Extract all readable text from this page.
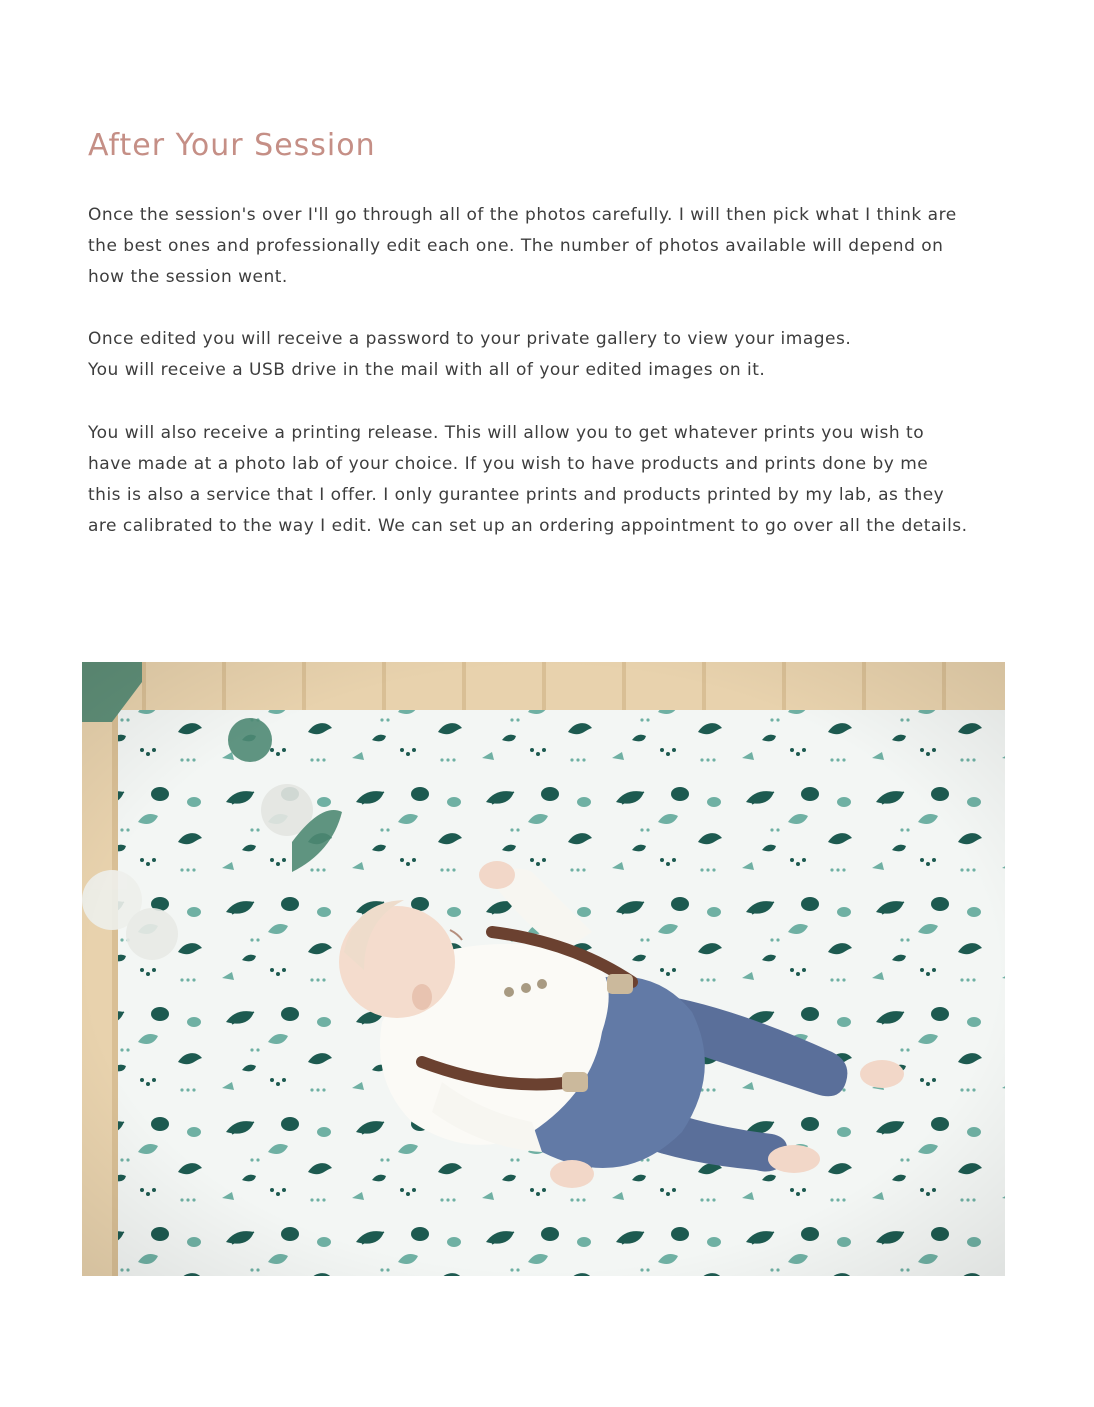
After Your Session

Once the session's over I'll go through all of the photos carefully. I will then pick what I think are
the best ones and professionally edit each one. The number of photos available will depend on
how the session went.

Once edited you will receive a password to your private gallery to view your images.
You will receive a USB drive in the mail with all of your edited images on it.

You will also receive a printing release. This will allow you to get whatever prints you wish to
have made at a photo lab of your choice. If you wish to have products and prints done by me
this is also a service that I offer. I only gurantee prints and products printed by my lab, as they
are calibrated to the way I edit. We can set up an ordering appointment to go over all the details.
